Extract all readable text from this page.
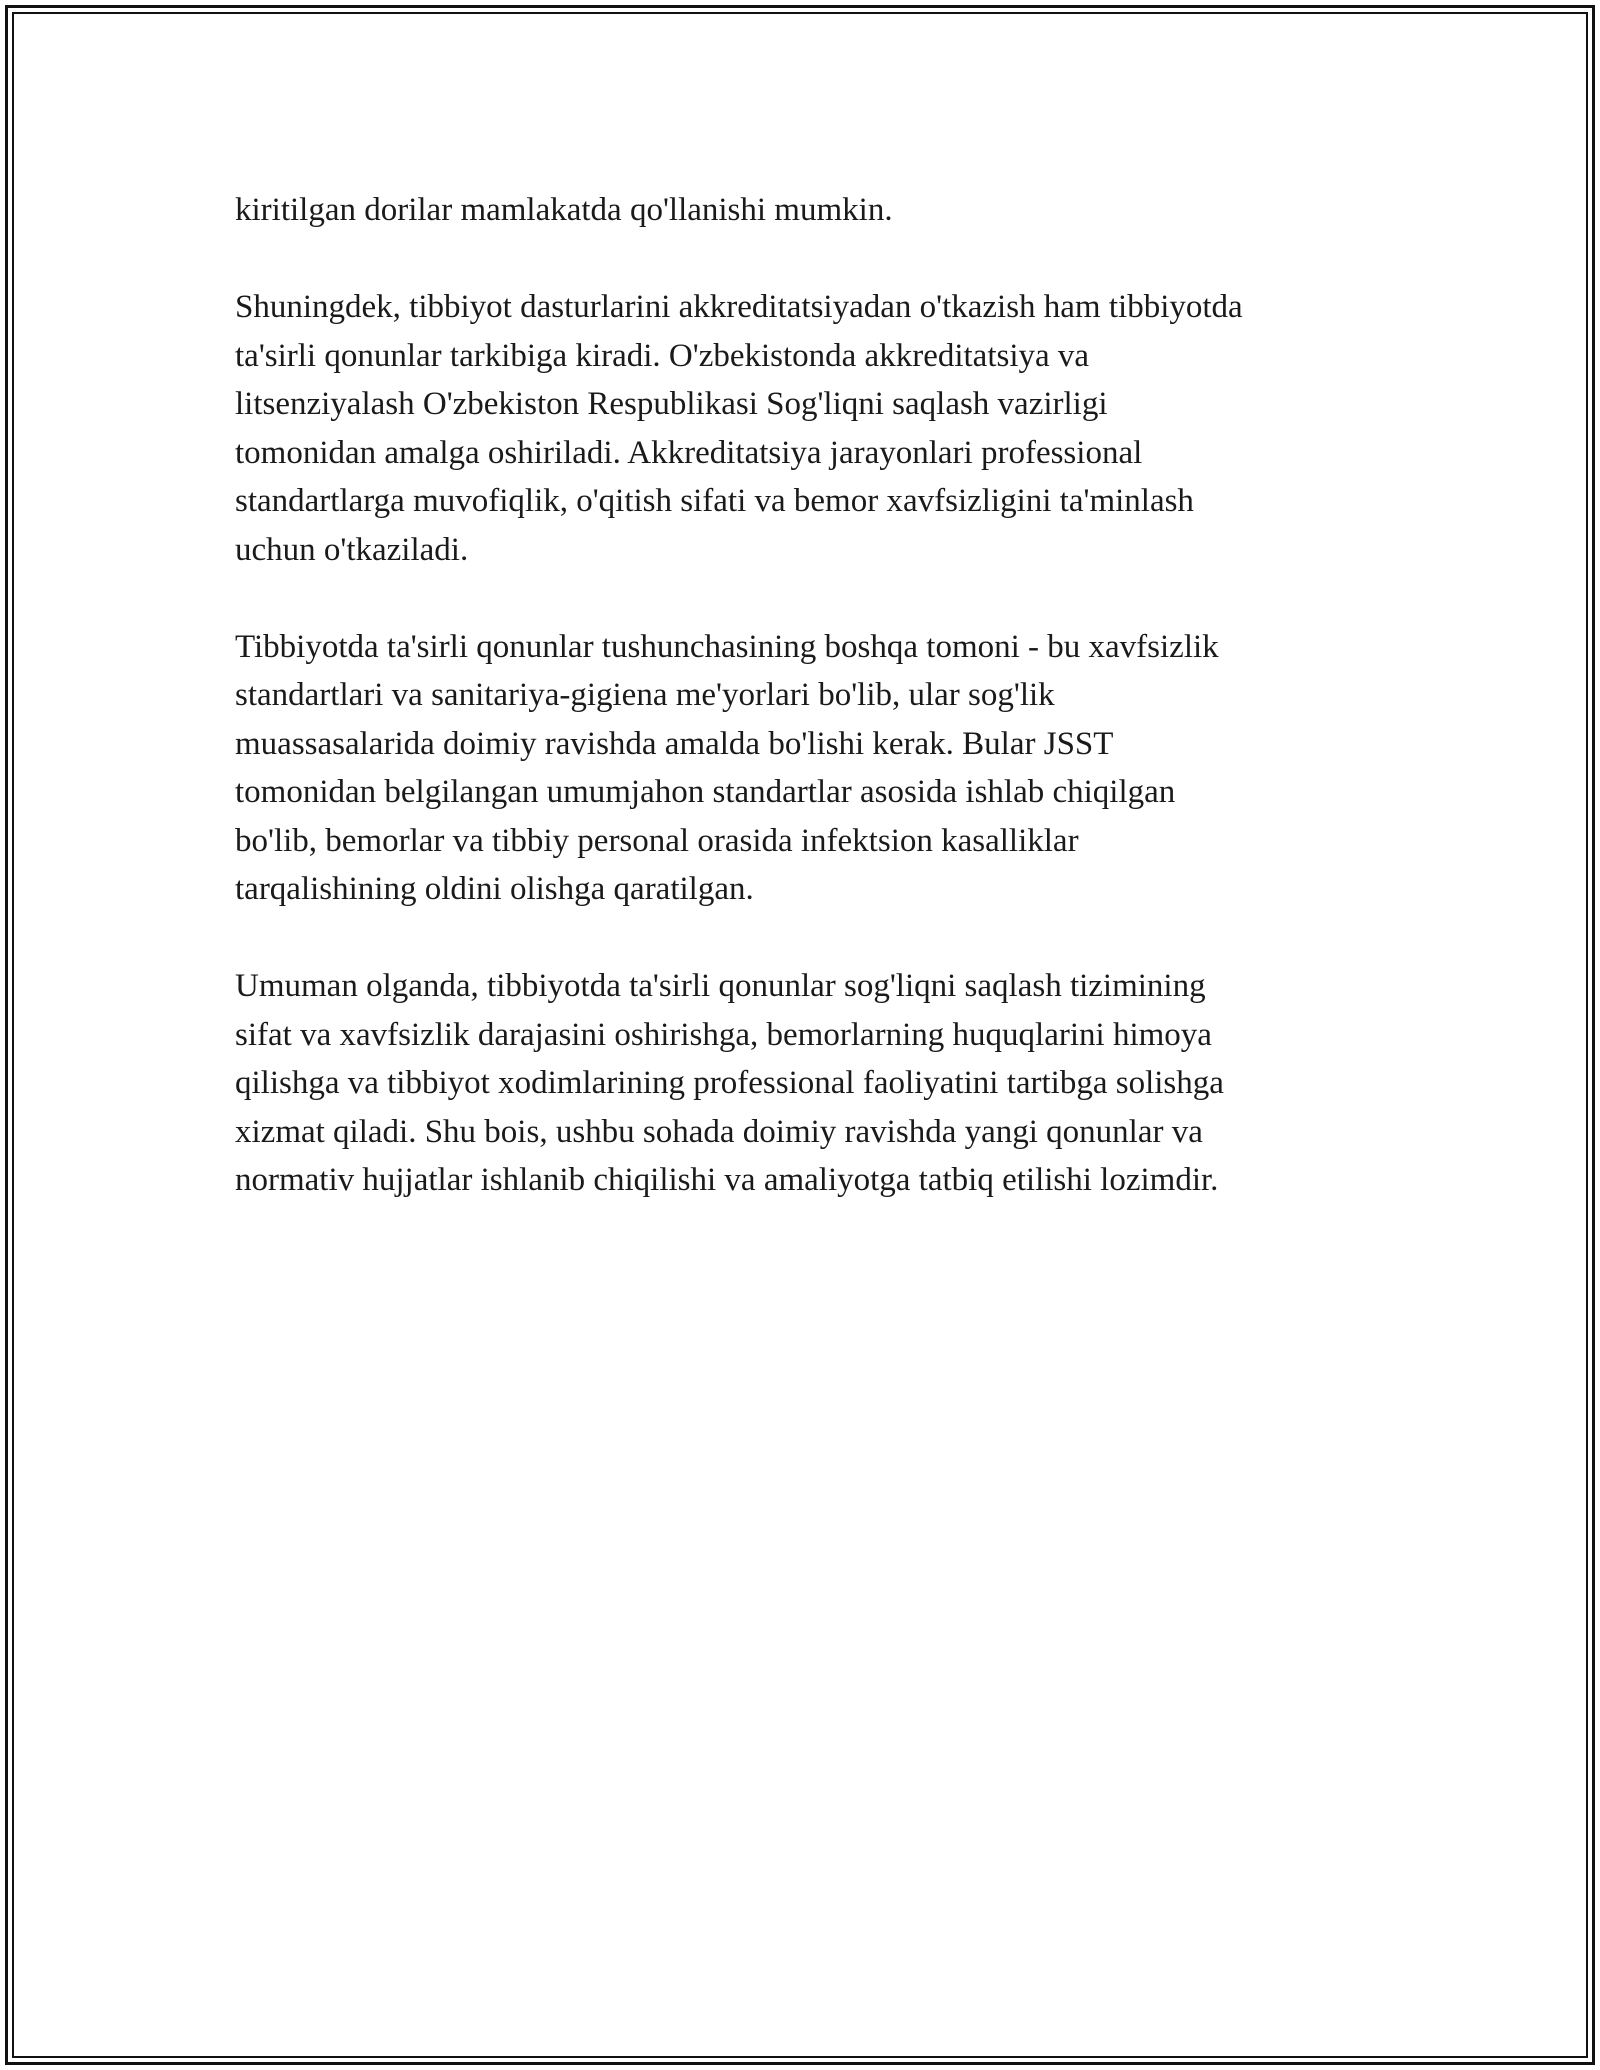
kiritilgan dorilar mamlakatda qo'llanishi mumkin.

Shuningdek, tibbiyot dasturlarini akkreditatsiyadan o'tkazish ham tibbiyotda
ta'sirli qonunlar tarkibiga kiradi. O'zbekistonda akkreditatsiya va
litsenziyalash O'zbekiston Respublikasi Sog'liqni saqlash vazirligi
tomonidan amalga oshiriladi. Akkreditatsiya jarayonlari professional
standartlarga muvofiqlik, o'qitish sifati va bemor xavfsizligini ta'minlash
uchun o'tkaziladi.

Tibbiyotda ta'sirli qonunlar tushunchasining boshqa tomoni - bu xavfsizlik
standartlari va sanitariya-gigiena me'yorlari bo'lib, ular sog'lik
muassasalarida doimiy ravishda amalda bo'lishi kerak. Bular JSST
tomonidan belgilangan umumjahon standartlar asosida ishlab chiqilgan
bo'lib, bemorlar va tibbiy personal orasida infektsion kasalliklar
tarqalishining oldini olishga qaratilgan.

Umuman olganda, tibbiyotda ta'sirli qonunlar sog'liqni saqlash tizimining
sifat va xavfsizlik darajasini oshirishga, bemorlarning huquqlarini himoya
qilishga va tibbiyot xodimlarining professional faoliyatini tartibga solishga
xizmat qiladi. Shu bois, ushbu sohada doimiy ravishda yangi qonunlar va
normativ hujjatlar ishlanib chiqilishi va amaliyotga tatbiq etilishi lozimdir.
